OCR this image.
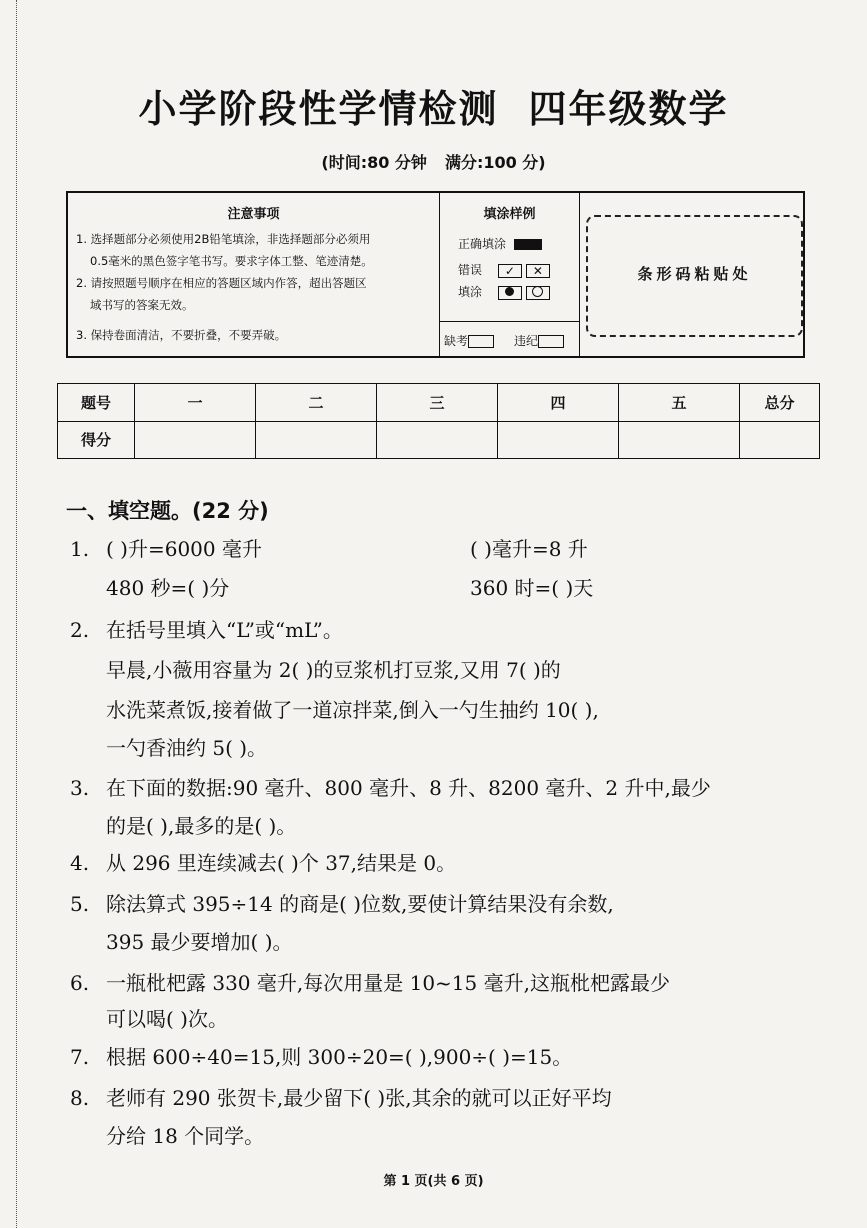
小学阶段性学情检测 四年级数学
(时间:80 分钟 满分:100 分)
注意事项
1. 选择题部分必须使用2B铅笔填涂，非选择题部分必须用
0.5毫米的黑色签字笔书写。要求字体工整、笔迹清楚。
2. 请按照题号顺序在相应的答题区域内作答，超出答题区
域书写的答案无效。
3. 保持卷面清洁，不要折叠，不要弄破。
填涂样例
正确填涂
错误 ✓ ✕
填涂
缺考	违纪
条形码粘贴处
题号	一	二	三	四	五	总分
得分						
一、填空题。(22 分)
1. ( )升=6000 毫升	( )毫升=8 升
480 秒=( )分	360 时=( )天
2. 在括号里填入“L”或“mL”。
早晨,小薇用容量为 2( )的豆浆机打豆浆,又用 7( )的
水洗菜煮饭,接着做了一道凉拌菜,倒入一勺生抽约 10( ),
一勺香油约 5( )。
3. 在下面的数据:90 毫升、800 毫升、8 升、8200 毫升、2 升中,最少
的是( ),最多的是( )。
4. 从 296 里连续减去( )个 37,结果是 0。
5. 除法算式 395÷14 的商是( )位数,要使计算结果没有余数,
395 最少要增加( )。
6. 一瓶枇杷露 330 毫升,每次用量是 10~15 毫升,这瓶枇杷露最少
可以喝( )次。
7. 根据 600÷40=15,则 300÷20=( ),900÷( )=15。
8. 老师有 290 张贺卡,最少留下( )张,其余的就可以正好平均
分给 18 个同学。
第 1 页(共 6 页)
